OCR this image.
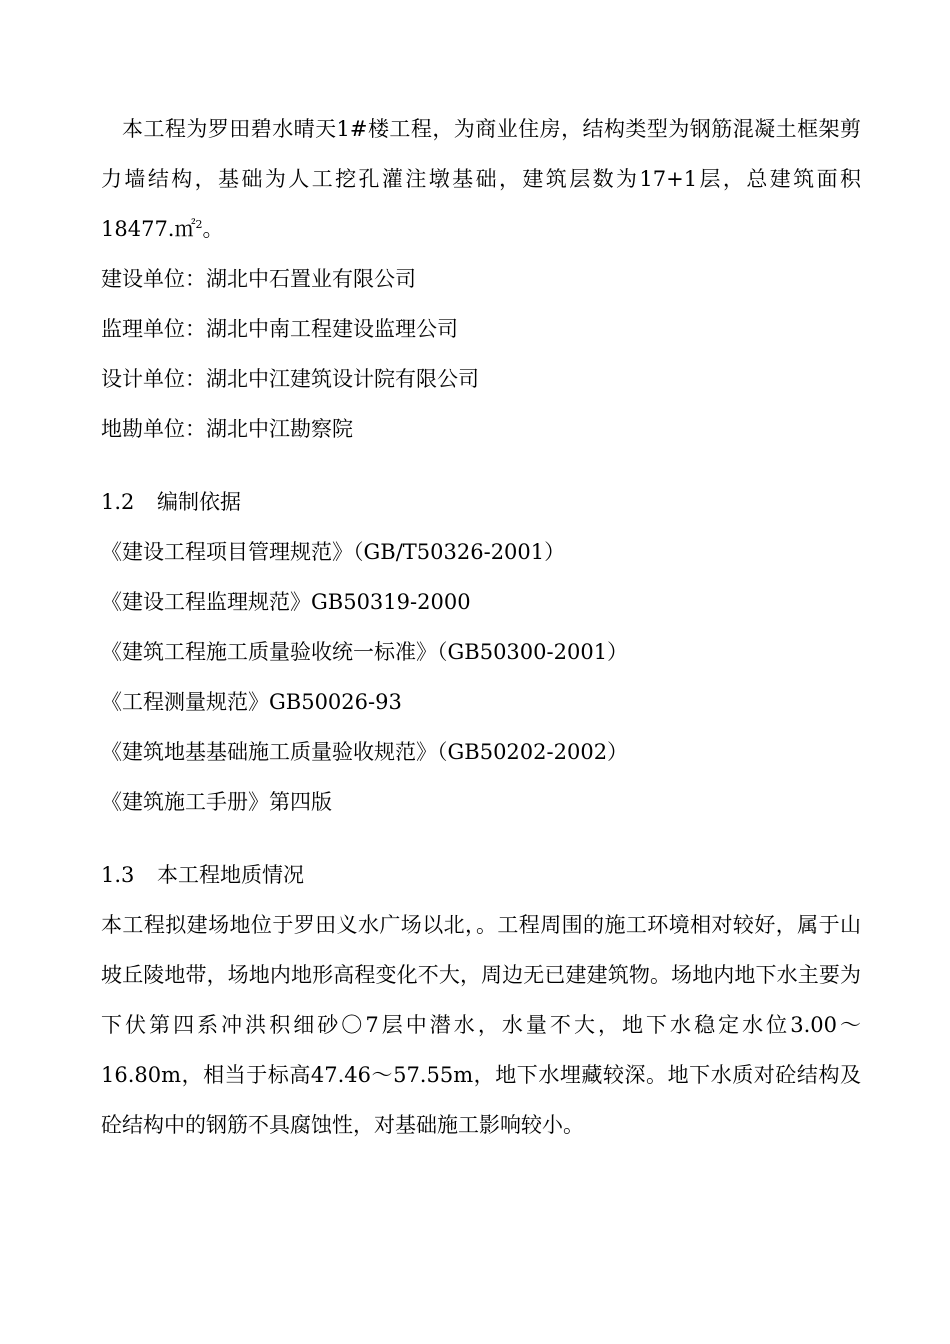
本工程为罗田碧水晴天1#楼工程，为商业住房，结构类型为钢筋混凝土框架剪力墙结构，基础为人工挖孔灌注墩基础，建筑层数为17+1层，总建筑面积18477.㎡$^2$。

建设单位：湖北中石置业有限公司

监理单位：湖北中南工程建设监理公司

设计单位：湖北中江建筑设计院有限公司

地勘单位：湖北中江勘察院

1.2 编制依据

《建设工程项目管理规范》（GB/T50326-2001）

《建设工程监理规范》GB50319-2000

《建筑工程施工质量验收统一标准》（GB50300-2001）

《工程测量规范》GB50026-93

《建筑地基基础施工质量验收规范》（GB50202-2002）

《建筑施工手册》第四版

1.3 本工程地质情况

本工程拟建场地位于罗田义水广场以北，。工程周围的施工环境相对较好，属于山坡丘陵地带，场地内地形高程变化不大，周边无已建建筑物。场地内地下水主要为下伏第四系冲洪积细砂〇7层中潜水，水量不大，地下水稳定水位3.00～16.80m，相当于标高47.46～57.55m，地下水埋藏较深。地下水质对砼结构及砼结构中的钢筋不具腐蚀性，对基础施工影响较小。
